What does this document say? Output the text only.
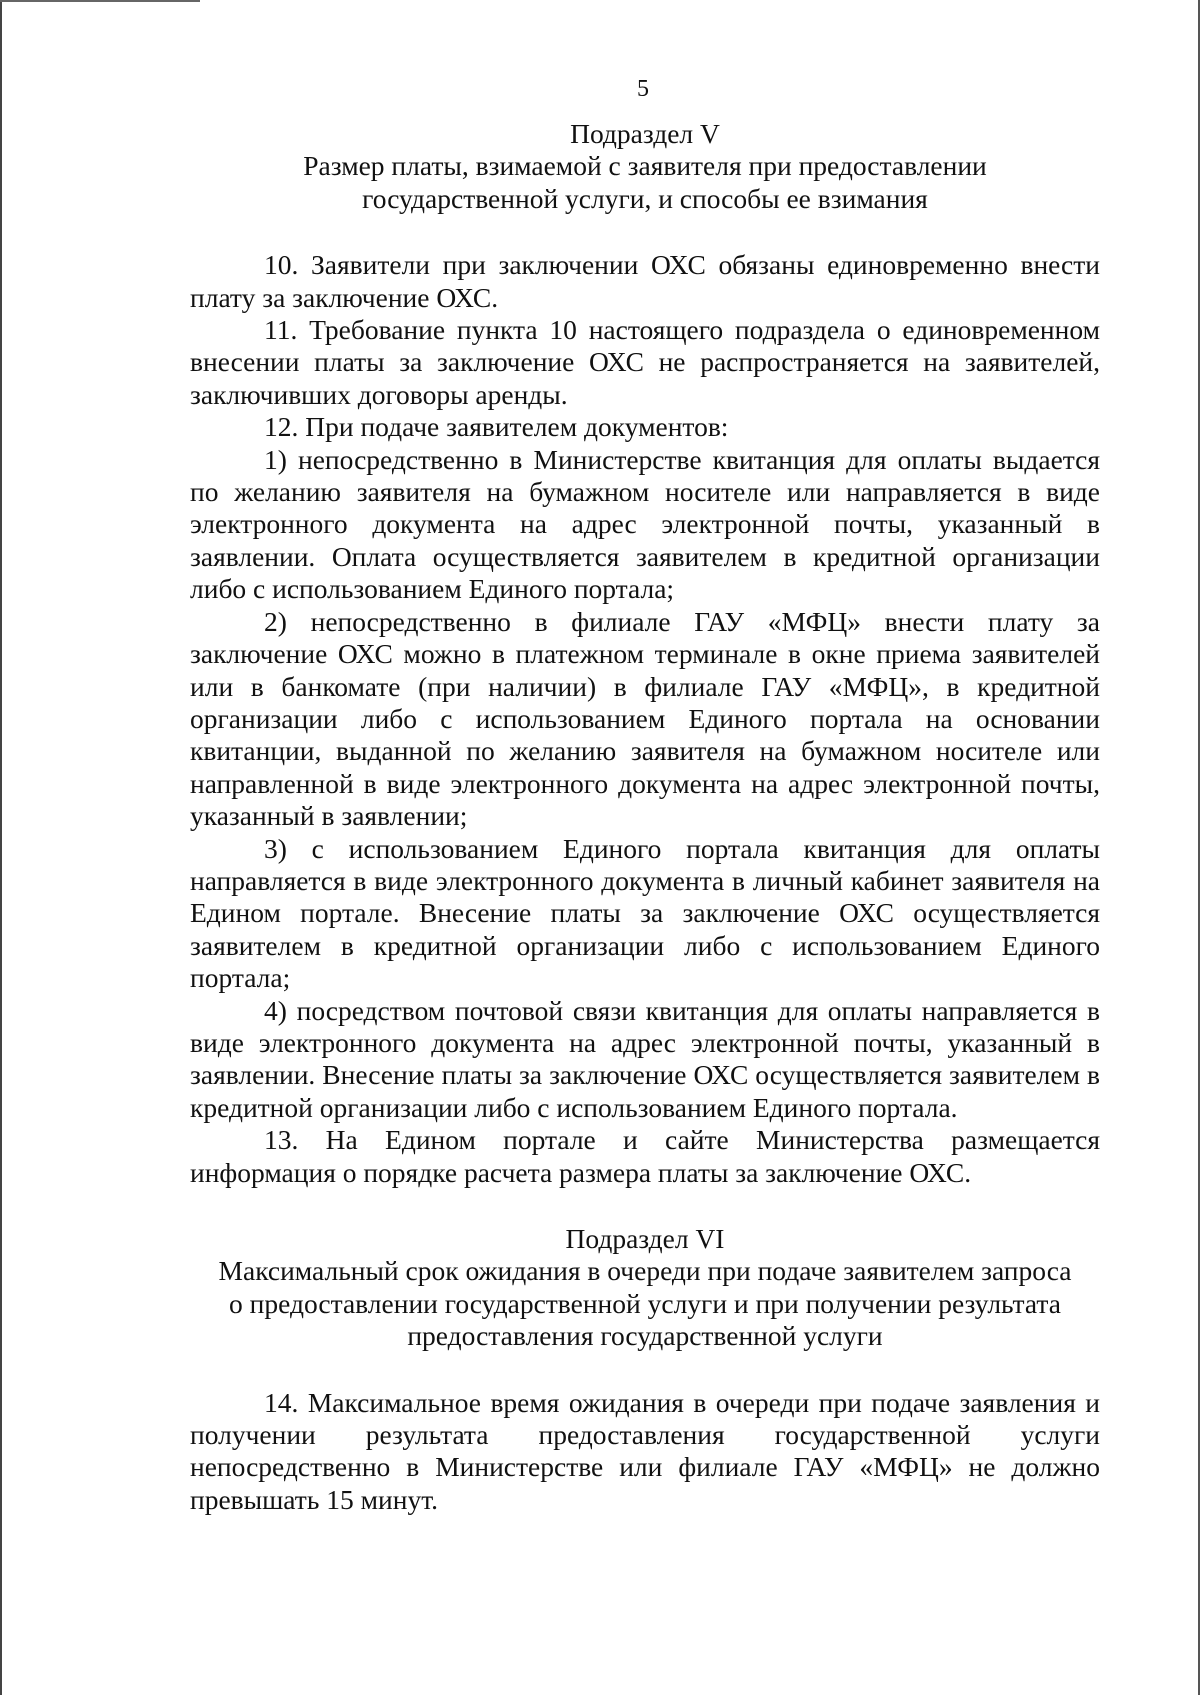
5
Подраздел V
Размер платы, взимаемой с заявителя при предоставлении
государственной услуги, и способы ее взимания

10. Заявители при заключении ОХС обязаны единовременно внести плату за заключение ОХС.

11. Требование пункта 10 настоящего подраздела о единовременном внесении платы за заключение ОХС не распространяется на заявителей, заключивших договоры аренды.

12. При подаче заявителем документов:

1) непосредственно в Министерстве квитанция для оплаты выдается по желанию заявителя на бумажном носителе или направляется в виде электронного документа на адрес электронной почты, указанный в заявлении. Оплата осуществляется заявителем в кредитной организации либо с использованием Единого портала;

2) непосредственно в филиале ГАУ «МФЦ» внести плату за заключение ОХС можно в платежном терминале в окне приема заявителей или в банкомате (при наличии) в филиале ГАУ «МФЦ», в кредитной организации либо с использованием Единого портала на основании квитанции, выданной по желанию заявителя на бумажном носителе или направленной в виде электронного документа на адрес электронной почты, указанный в заявлении;

3) с использованием Единого портала квитанция для оплаты направляется в виде электронного документа в личный кабинет заявителя на Едином портале. Внесение платы за заключение ОХС осуществляется заявителем в кредитной организации либо с использованием Единого портала;

4) посредством почтовой связи квитанция для оплаты направляется в виде электронного документа на адрес электронной почты, указанный в заявлении. Внесение платы за заключение ОХС осуществляется заявителем в кредитной организации либо с использованием Единого портала.

13. На Едином портале и сайте Министерства размещается информация о порядке расчета размера платы за заключение ОХС.

Подраздел VI
Максимальный срок ожидания в очереди при подаче заявителем запроса
о предоставлении государственной услуги и при получении результата
предоставления государственной услуги

14. Максимальное время ожидания в очереди при подаче заявления и получении результата предоставления государственной услуги непосредственно в Министерстве или филиале ГАУ «МФЦ» не должно превышать 15 минут.
